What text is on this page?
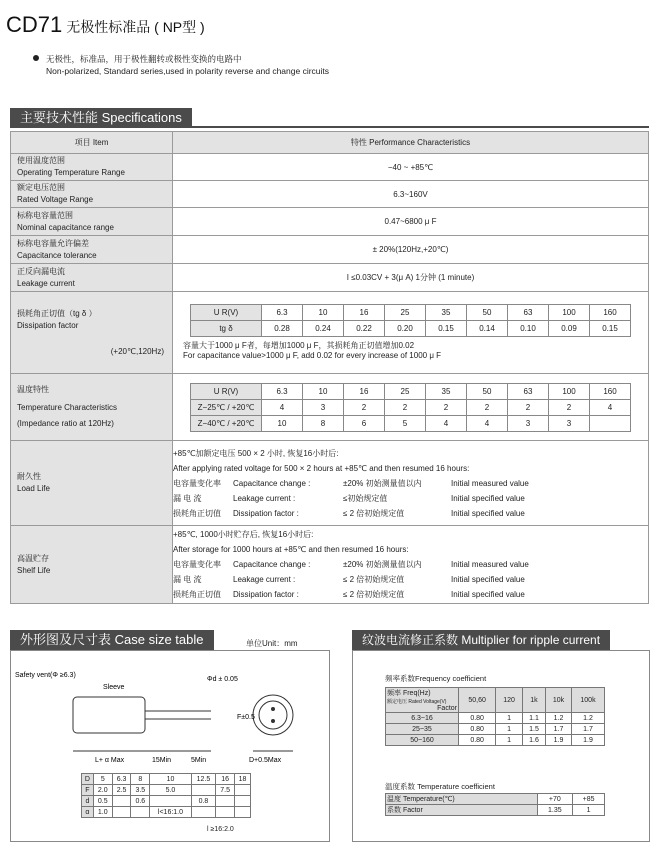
CD71 无极性标准品 ( NP型 )
无极性，标准品，用于极性翻转或极性变换的电路中
Non-polarized, Standard series,used in polarity reverse and change circuits
主要技术性能 Specifications
项目 Item	特性 Performance Characteristics

使用温度范围
Operating Temperature Range
	−40 ~ +85℃

额定电压范围
Rated Voltage Range
	6.3~160V

标称电容量范围
Nominal capacitance range
	0.47~6800 μ F

标称电容量允许偏差
Capacitance tolerance
	± 20%(120Hz,+20℃)

正反向漏电流
Leakage current
	I ≤0.03CV + 3(μ A) 1分钟 (1 minute)

损耗角正切值（tg δ ）
Dissipation factor
(+20℃,120Hz)

U R(V)	6.3	10	16	25	35	50	63	100	160
tg δ	0.28	0.24	0.22	0.20	0.15	0.14	0.10	0.09	0.15
容量大于1000 μ F者，每增加1000 μ F，其损耗角正切值增加0.02
For capacitance value>1000 μ F, add 0.02 for every increase of 1000 μ F

温度特性
Temperature Characteristics
(Impedance ratio at 120Hz)

U R(V)	6.3	10	16	25	35	50	63	100	160
Z−25℃ / +20℃	4	3	2	2	2	2	2	2	4
Z−40℃ / +20℃	10	8	6	5	4	4	3	3	

耐久性
Load Life

+85℃加额定电压 500 × 2 小时, 恢复16小时后:
After applying rated voltage for 500 × 2 hours at +85℃ and then resumed 16 hours:
电容量变化率 Capacitance change :	±20% 初始测量值以内	Initial measured value
漏 电 流	Leakage current :	≤初始规定值	Initial specified value
损耗角正切值 Dissipation factor :	≤ 2 倍初始规定值	Initial specified value

高温贮存
Shelf Life

+85℃, 1000小时贮存后, 恢复16小时后:
After storage for 1000 hours at +85℃ and then resumed 16 hours:
电容量变化率 Capacitance change :	±20% 初始测量值以内	Initial measured value
漏 电 流	Leakage current :	≤ 2 倍初始规定值	Initial specified value
损耗角正切值 Dissipation factor :	≤ 2 倍初始规定值	Initial specified value
外形图及尺寸表 Case size table	单位Unit：mm
Safety vent(Φ ≥6.3)
Sleeve
Φd ± 0.05
L+ α Max	15Min	5Min	D+0.5Max
F±0.5
D	5	6.3	8	10	12.5	16	18
F	2.0	2.5	3.5	5.0		7.5	
d	0.5		0.6		0.8		
α	1.0			l<16:1.0			
l ≥16:2.0
纹波电流修正系数 Multiplier for ripple current
频率系数Frequency coefficient
频率 Freq(Hz)
额定电压 Rated Voltage(V)
Factor	50,60	120	1k	10k	100k
6.3~16	0.80	1	1.1	1.2	1.2
25~35	0.80	1	1.5	1.7	1.7
50~160	0.80	1	1.6	1.9	1.9
温度系数 Temperature coefficient
温度 Temperature(℃)	+70	+85
系数 Factor	1.35	1
